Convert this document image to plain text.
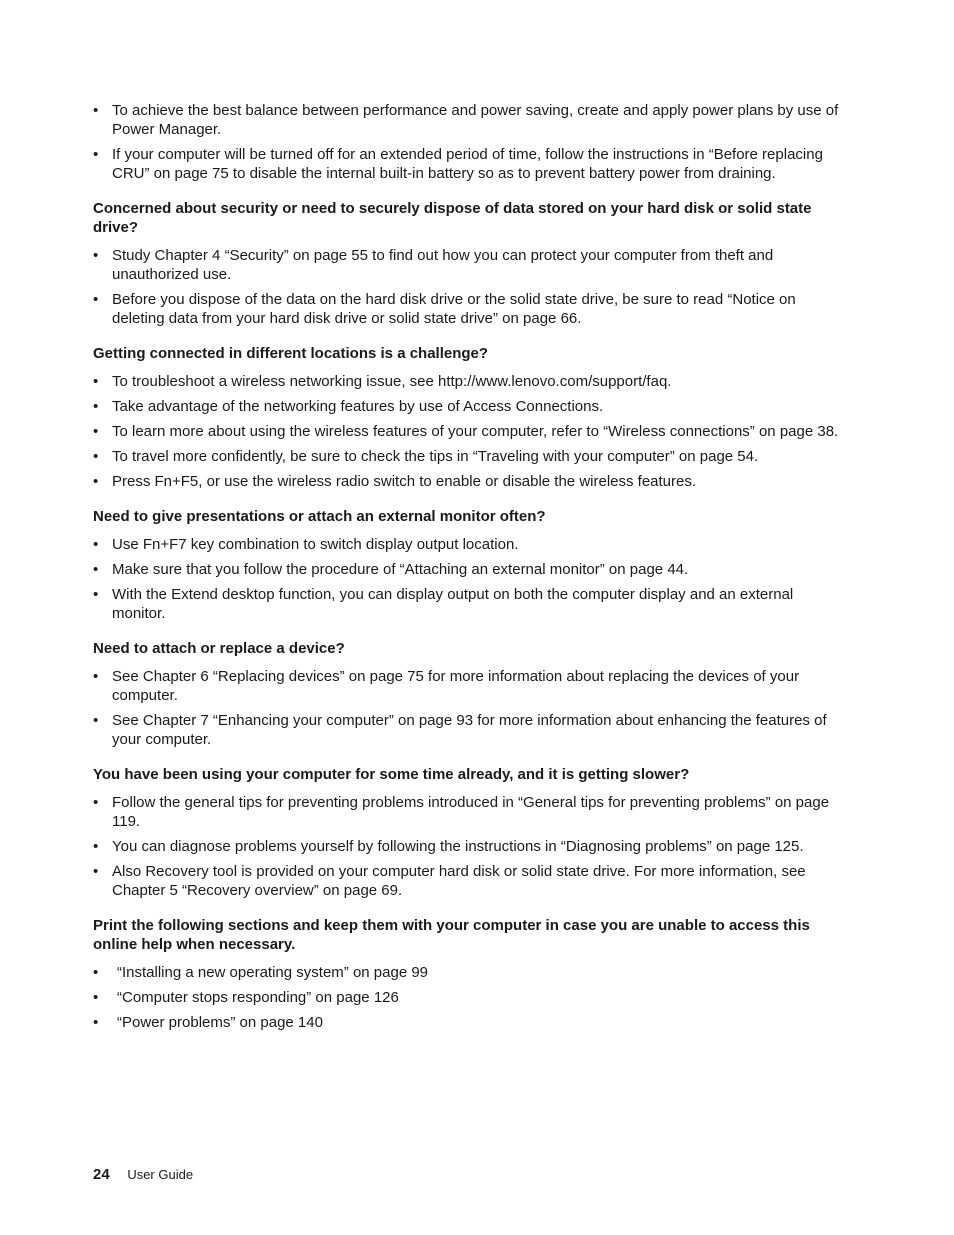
• To achieve the best balance between performance and power saving, create and apply power plans by use of Power Manager.
• If your computer will be turned off for an extended period of time, follow the instructions in “Before replacing CRU” on page 75 to disable the internal built-in battery so as to prevent battery power from draining.
Concerned about security or need to securely dispose of data stored on your hard disk or solid state drive?
• Study Chapter 4 “Security” on page 55 to find out how you can protect your computer from theft and unauthorized use.
• Before you dispose of the data on the hard disk drive or the solid state drive, be sure to read “Notice on deleting data from your hard disk drive or solid state drive” on page 66.
Getting connected in different locations is a challenge?
• To troubleshoot a wireless networking issue, see http://www.lenovo.com/support/faq.
• Take advantage of the networking features by use of Access Connections.
• To learn more about using the wireless features of your computer, refer to “Wireless connections” on page 38.
• To travel more confidently, be sure to check the tips in “Traveling with your computer” on page 54.
• Press Fn+F5, or use the wireless radio switch to enable or disable the wireless features.
Need to give presentations or attach an external monitor often?
• Use Fn+F7 key combination to switch display output location.
• Make sure that you follow the procedure of “Attaching an external monitor” on page 44.
• With the Extend desktop function, you can display output on both the computer display and an external monitor.
Need to attach or replace a device?
• See Chapter 6 “Replacing devices” on page 75 for more information about replacing the devices of your computer.
• See Chapter 7 “Enhancing your computer” on page 93 for more information about enhancing the features of your computer.
You have been using your computer for some time already, and it is getting slower?
• Follow the general tips for preventing problems introduced in “General tips for preventing problems” on page 119.
• You can diagnose problems yourself by following the instructions in “Diagnosing problems” on page 125.
• Also Recovery tool is provided on your computer hard disk or solid state drive. For more information, see Chapter 5 “Recovery overview” on page 69.
Print the following sections and keep them with your computer in case you are unable to access this online help when necessary.
• “Installing a new operating system” on page 99
• “Computer stops responding” on page 126
• “Power problems” on page 140
24 User Guide
